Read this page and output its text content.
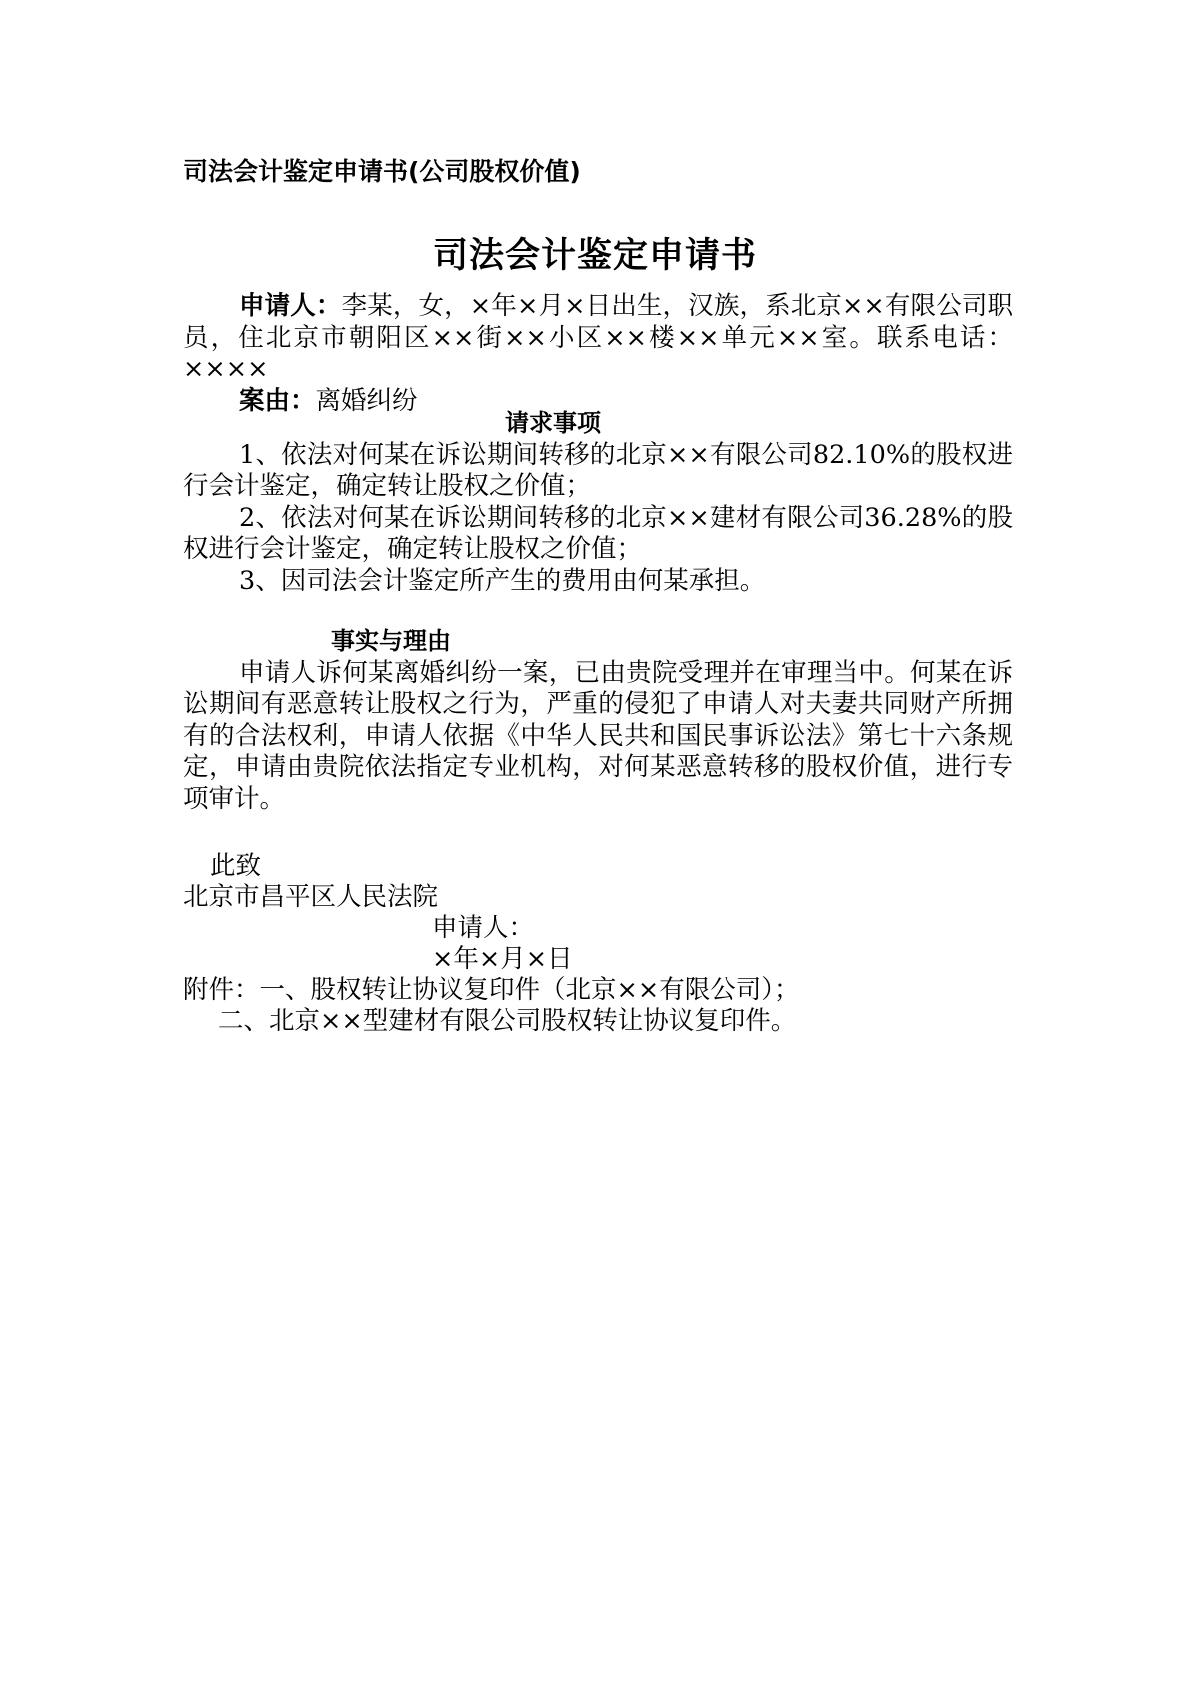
司法会计鉴定申请书(公司股权价值)
司法会计鉴定申请书

申请人：李某，女，×年×月×日出生，汉族，系北京××有限公司职员，住北京市朝阳区××街××小区××楼××单元××室。联系电话：××××

案由：离婚纠纷

请求事项

1、依法对何某在诉讼期间转移的北京××有限公司82.10%的股权进行会计鉴定，确定转让股权之价值；

2、依法对何某在诉讼期间转移的北京××建材有限公司36.28%的股权进行会计鉴定，确定转让股权之价值；

3、因司法会计鉴定所产生的费用由何某承担。

事实与理由

申请人诉何某离婚纠纷一案，已由贵院受理并在审理当中。何某在诉讼期间有恶意转让股权之行为，严重的侵犯了申请人对夫妻共同财产所拥有的合法权利，申请人依据《中华人民共和国民事诉讼法》第七十六条规定，申请由贵院依法指定专业机构，对何某恶意转移的股权价值，进行专项审计。

此致
北京市昌平区人民法院
申请人：
×年×月×日
附件：一、股权转让协议复印件（北京××有限公司）；
二、北京××型建材有限公司股权转让协议复印件。
